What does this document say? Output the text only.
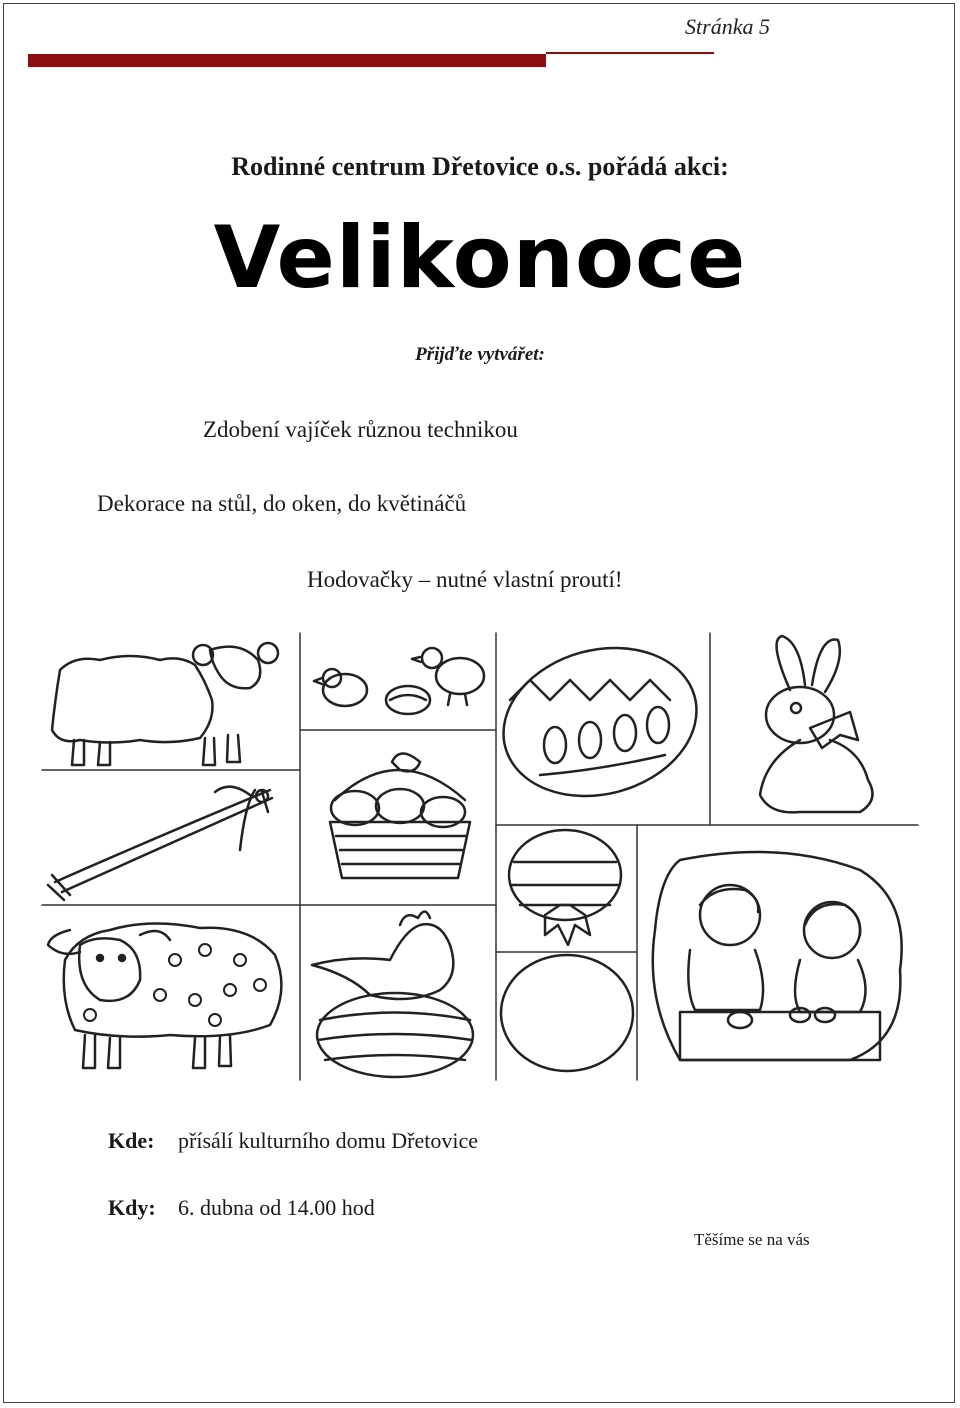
Stránka 5
Rodinné centrum Dřetovice o.s. pořádá akci:
Velikonoce
Přijďte vytvářet:
Zdobení vajíček různou technikou
Dekorace na stůl, do oken, do květináčů
Hodovačky – nutné vlastní proutí!
Kde: přísálí kulturního domu Dřetovice
Kdy: 6. dubna od 14.00 hod
Těšíme se na vás
